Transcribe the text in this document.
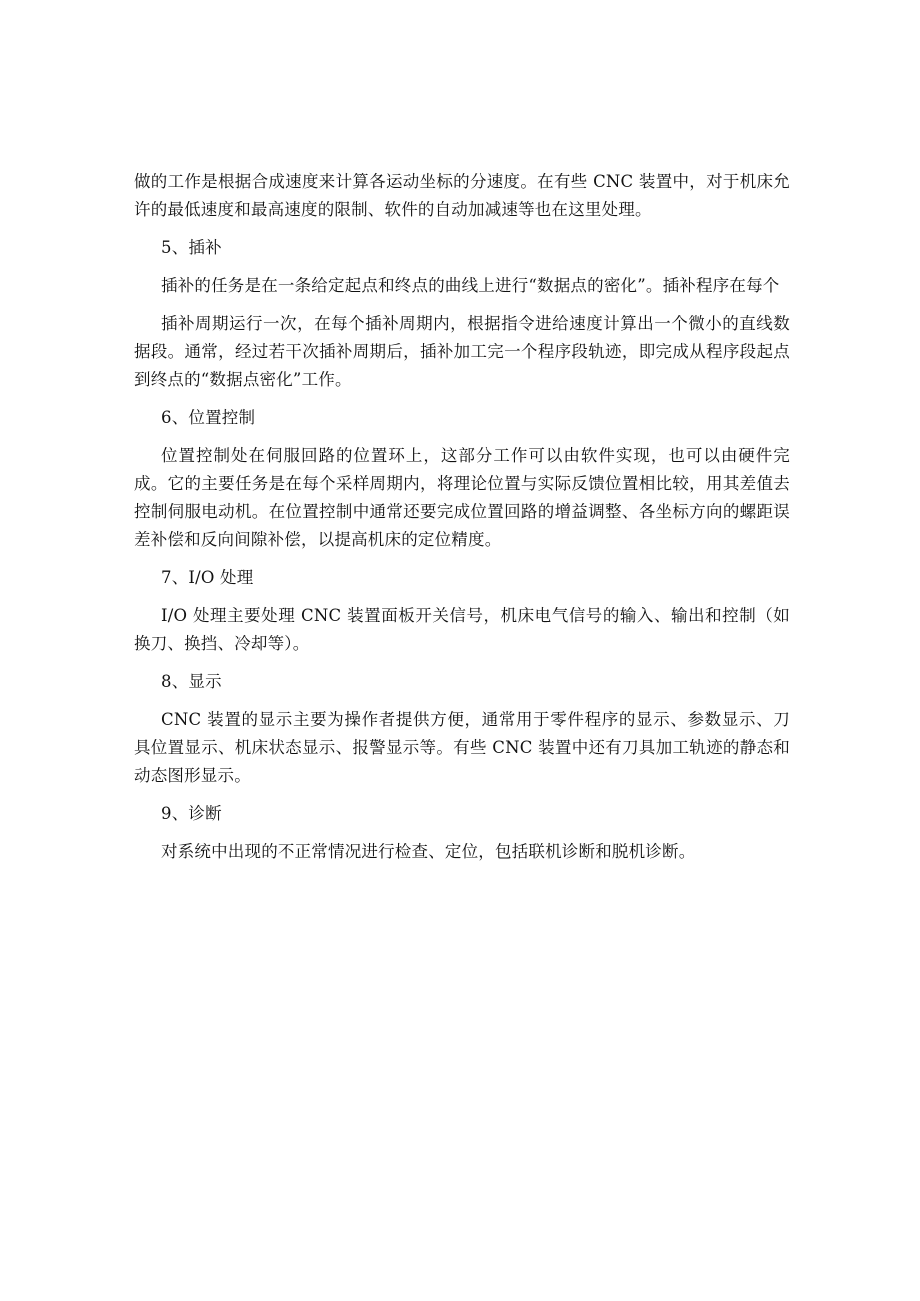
做的工作是根据合成速度来计算各运动坐标的分速度。在有些 CNC 装置中，对于机床允许的最低速度和最高速度的限制、软件的自动加减速等也在这里处理。

5、插补

插补的任务是在一条给定起点和终点的曲线上进行“数据点的密化”。插补程序在每个

插补周期运行一次，在每个插补周期内，根据指令进给速度计算出一个微小的直线数据段。通常，经过若干次插补周期后，插补加工完一个程序段轨迹，即完成从程序段起点到终点的“数据点密化”工作。

6、位置控制

位置控制处在伺服回路的位置环上，这部分工作可以由软件实现，也可以由硬件完成。它的主要任务是在每个采样周期内，将理论位置与实际反馈位置相比较，用其差值去控制伺服电动机。在位置控制中通常还要完成位置回路的增益调整、各坐标方向的螺距误差补偿和反向间隙补偿，以提高机床的定位精度。

7、I/O 处理

I/O 处理主要处理 CNC 装置面板开关信号，机床电气信号的输入、输出和控制（如换刀、换挡、冷却等）。

8、显示

CNC 装置的显示主要为操作者提供方便，通常用于零件程序的显示、参数显示、刀具位置显示、机床状态显示、报警显示等。有些 CNC 装置中还有刀具加工轨迹的静态和动态图形显示。

9、诊断

对系统中出现的不正常情况进行检查、定位，包括联机诊断和脱机诊断。
